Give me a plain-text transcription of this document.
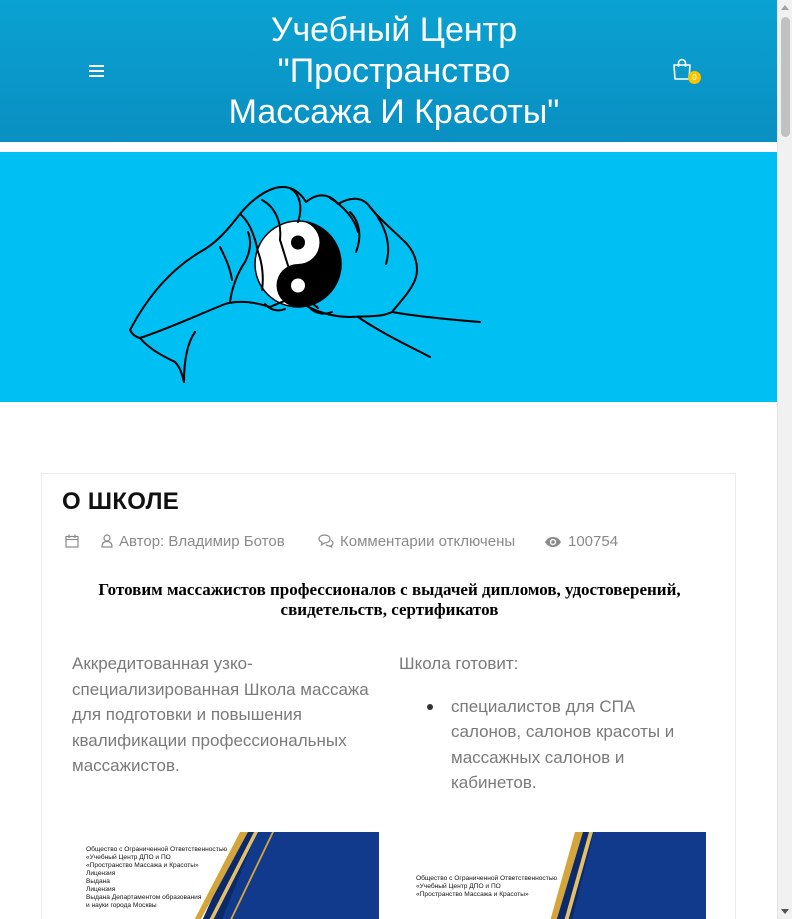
Учебный Центр
"Пространство
Массажа И Красоты"
0
О ШКОЛЕ
Автор: Владимир Ботов	Комментарии отключены	100754
Готовим массажистов профессионалов с выдачей дипломов, удостоверений, свидетельств, сертификатов
Аккредитованная узко-специализированная Школа массажа для подготовки и повышения квалификации профессиональных массажистов.
Школа готовит:
специалистов для СПА салонов, салонов красоты и массажных салонов и кабинетов.
Общество с Ограниченной Ответственностью
«Учебный Центр ДПО и ПО
«Пространство Массажа и Красоты»
Лицензия
Выдана
Лицензия
Выдана Департаментом образования
и науки города Москвы
Общество с Ограниченной Ответственностью
«Учебный Центр ДПО и ПО
«Пространство Массажа и Красоты»
